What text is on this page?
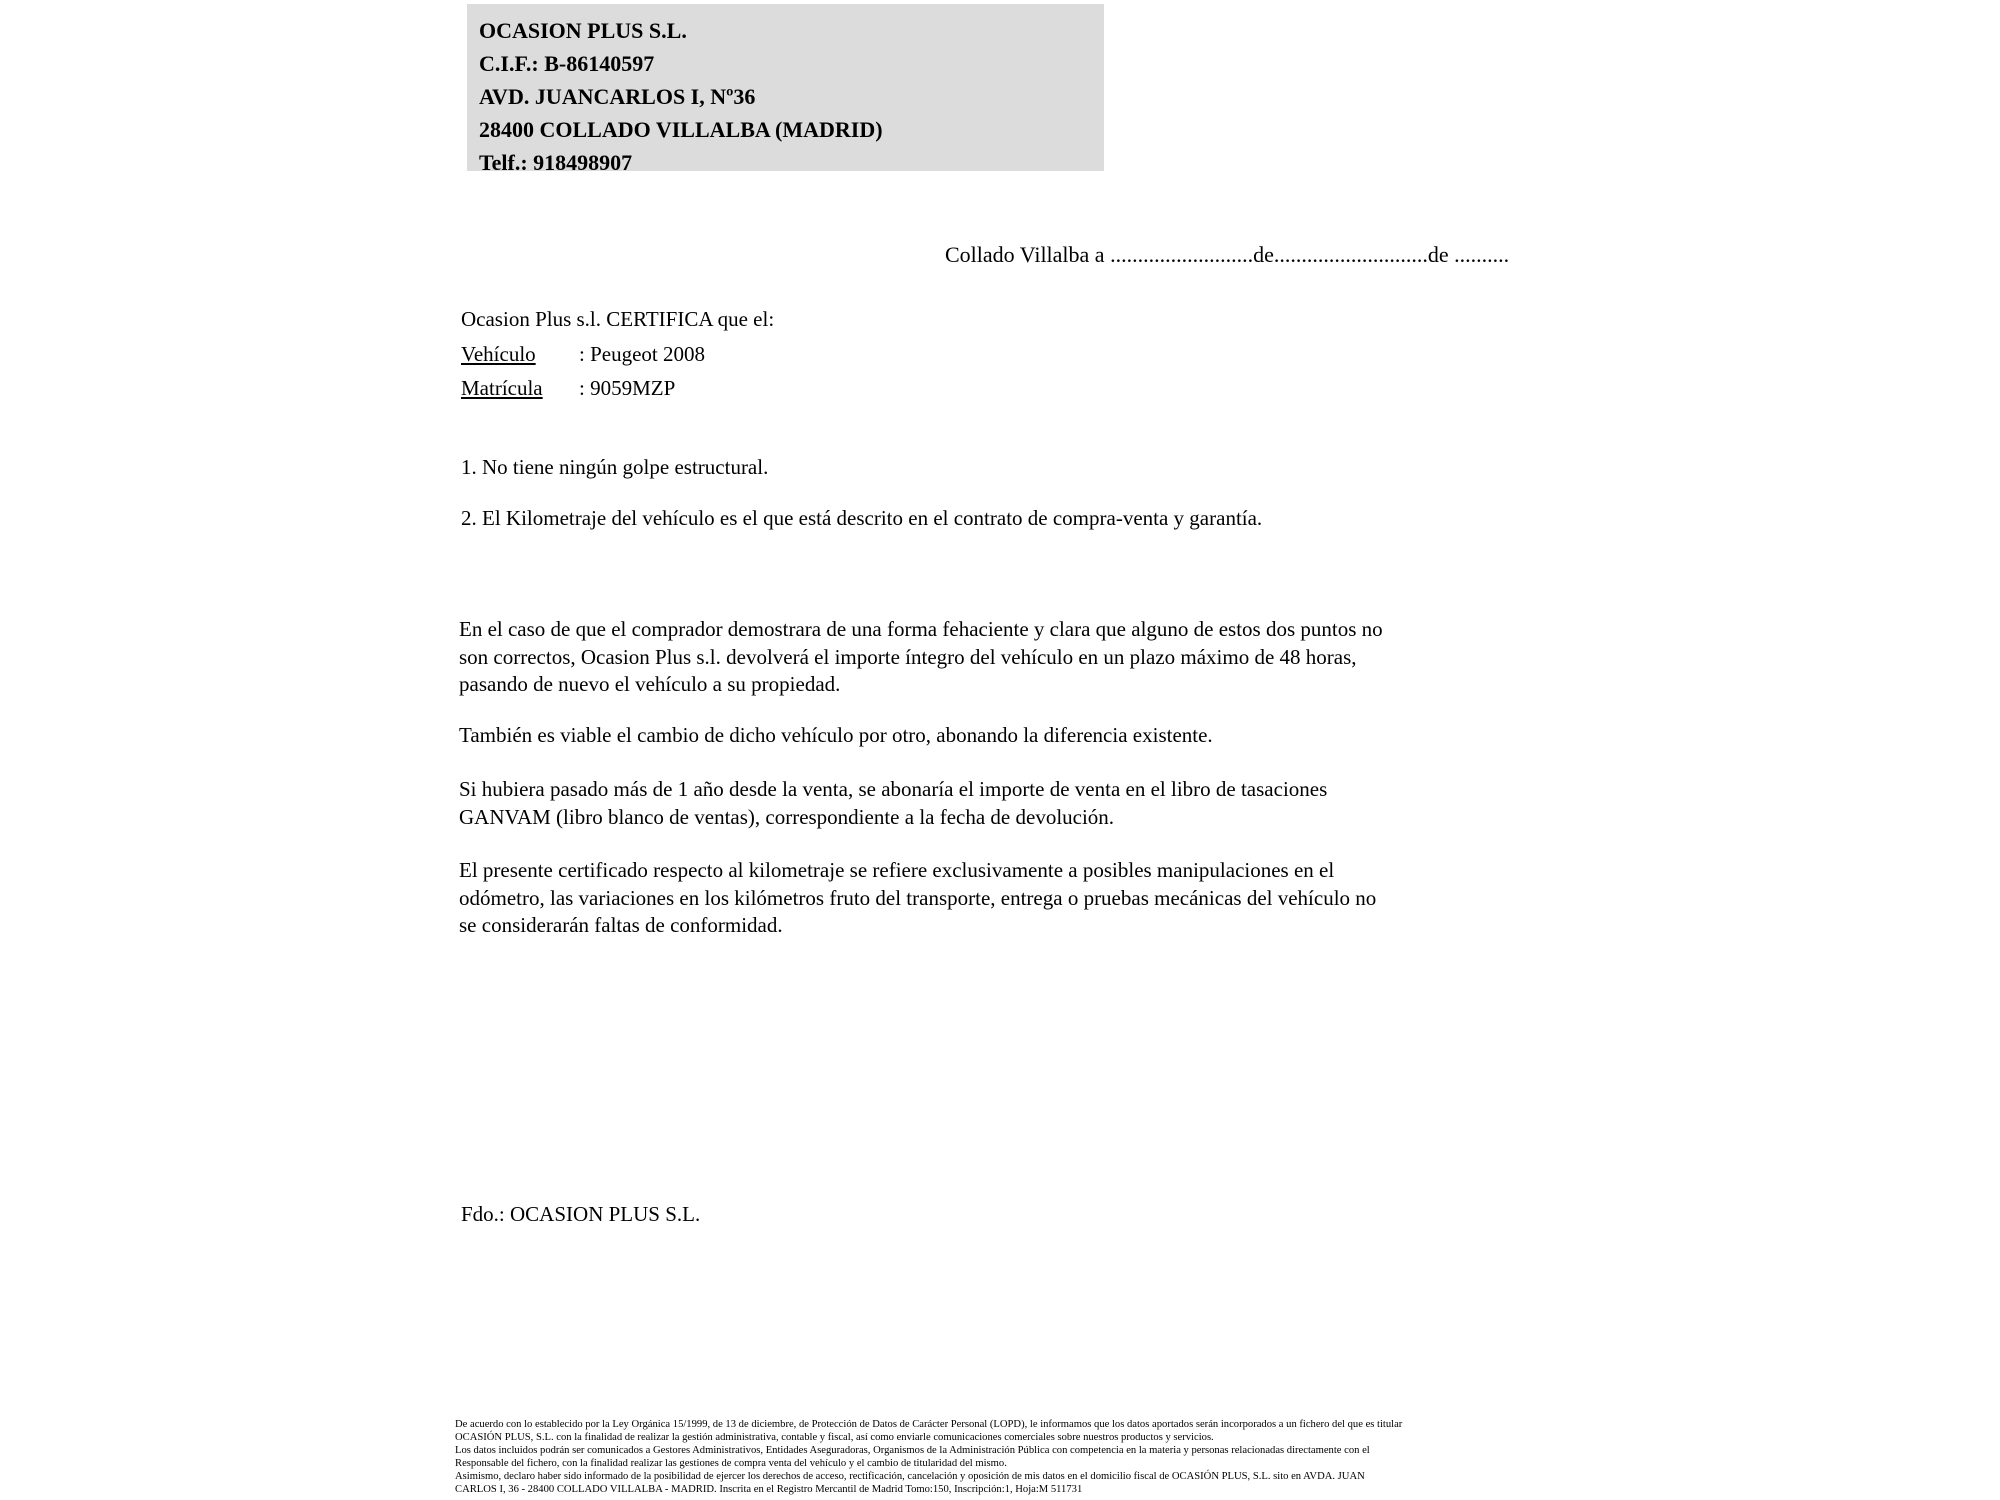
OCASION PLUS S.L.
C.I.F.: B-86140597
AVD. JUANCARLOS I, Nº36
28400 COLLADO VILLALBA (MADRID)
Telf.: 918498907
Collado Villalba a ..........................de............................de ..........
Ocasion Plus s.l. CERTIFICA que el:
Vehículo : Peugeot 2008
Matrícula : 9059MZP
1. No tiene ningún golpe estructural.
2. El Kilometraje del vehículo es el que está descrito en el contrato de compra-venta y garantía.
En el caso de que el comprador demostrara de una forma fehaciente y clara que alguno de estos dos puntos no
son correctos, Ocasion Plus s.l. devolverá el importe íntegro del vehículo en un plazo máximo de 48 horas,
pasando de nuevo el vehículo a su propiedad.
También es viable el cambio de dicho vehículo por otro, abonando la diferencia existente.
Si hubiera pasado más de 1 año desde la venta, se abonaría el importe de venta en el libro de tasaciones
GANVAM (libro blanco de ventas), correspondiente a la fecha de devolución.
El presente certificado respecto al kilometraje se refiere exclusivamente a posibles manipulaciones en el
odómetro, las variaciones en los kilómetros fruto del transporte, entrega o pruebas mecánicas del vehículo no
se considerarán faltas de conformidad.
Fdo.: OCASION PLUS S.L.
De acuerdo con lo establecido por la Ley Orgánica 15/1999, de 13 de diciembre, de Protección de Datos de Carácter Personal (LOPD), le informamos que los datos aportados serán incorporados a un fichero del que es titular
OCASIÓN PLUS, S.L. con la finalidad de realizar la gestión administrativa, contable y fiscal, así como enviarle comunicaciones comerciales sobre nuestros productos y servicios.
Los datos incluidos podrán ser comunicados a Gestores Administrativos, Entidades Aseguradoras, Organismos de la Administración Pública con competencia en la materia y personas relacionadas directamente con el
Responsable del fichero, con la finalidad realizar las gestiones de compra venta del vehículo y el cambio de titularidad del mismo.
Asimismo, declaro haber sido informado de la posibilidad de ejercer los derechos de acceso, rectificación, cancelación y oposición de mis datos en el domicilio fiscal de OCASIÓN PLUS, S.L. sito en AVDA. JUAN
CARLOS I, 36 - 28400 COLLADO VILLALBA - MADRID. Inscrita en el Registro Mercantil de Madrid Tomo:150, Inscripción:1, Hoja:M 511731
